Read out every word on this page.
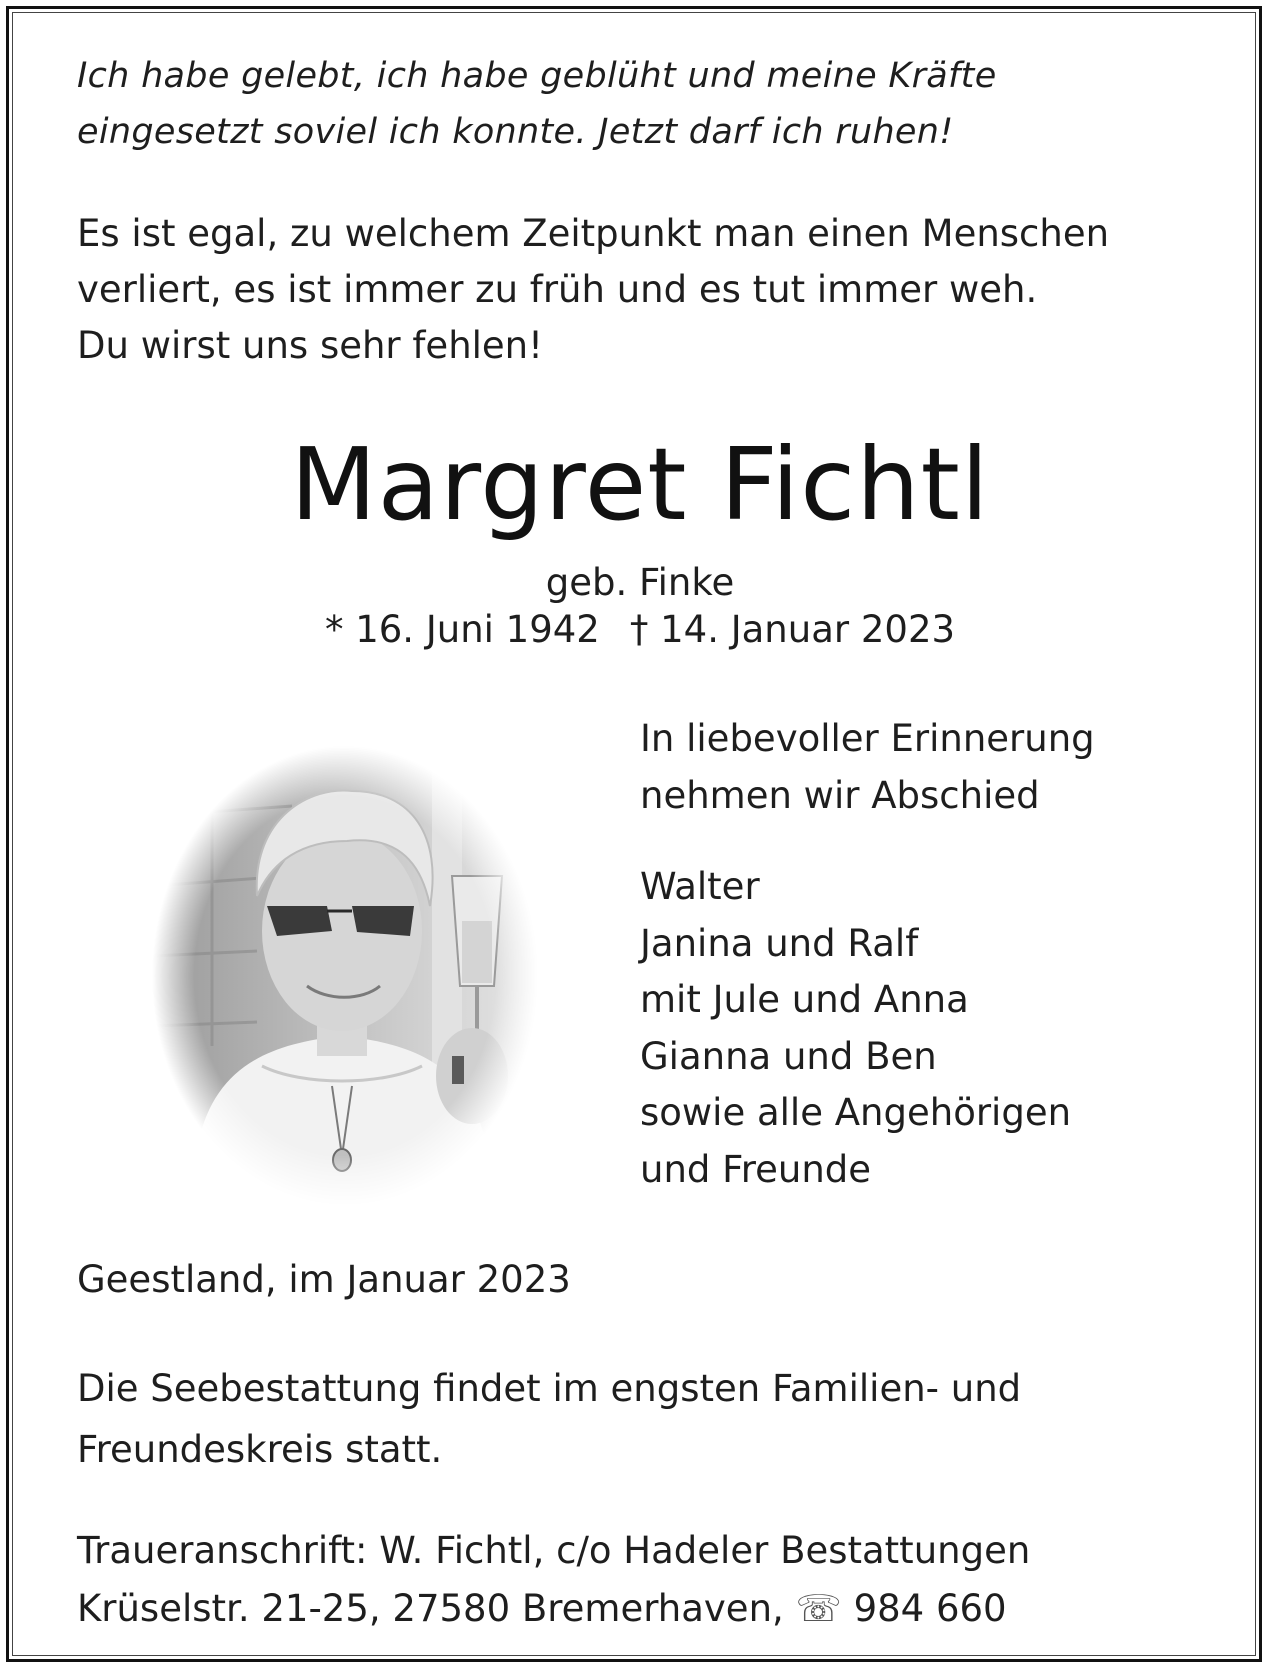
Ich habe gelebt, ich habe geblüht und meine Kräfte
eingesetzt soviel ich konnte. Jetzt darf ich ruhen!
Es ist egal, zu welchem Zeitpunkt man einen Menschen
verliert, es ist immer zu früh und es tut immer weh.
Du wirst uns sehr fehlen!
Margret Fichtl
geb. Finke
* 16. Juni 1942 † 14. Januar 2023
In liebevoller Erinnerung
nehmen wir Abschied
Walter
Janina und Ralf
mit Jule und Anna
Gianna und Ben
sowie alle Angehörigen
und Freunde
Geestland, im Januar 2023
Die Seebestattung findet im engsten Familien- und
Freundeskreis statt.
Traueranschrift: W. Fichtl, c/o Hadeler Bestattungen
Krüselstr. 21-25, 27580 Bremerhaven, ☏ 984 660
